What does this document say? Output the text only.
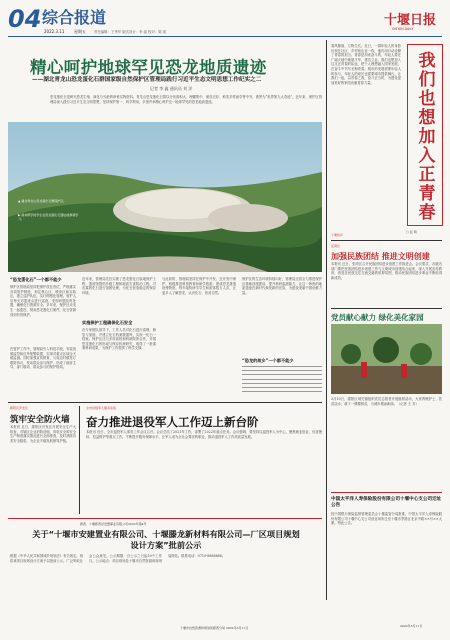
04 综合报道
2022.3.11 星期五 责任编辑：王秀华 版式设计：李 晶 校对：陈 欢
十堰日报
SHIYAN DAILY
精心呵护地球罕见恐龙地质遗迹
——湖北青龙山恐龙蛋化石群国家级自然保护区管理局践行习近平生态文明思想工作纪实之二
记者 李 鑫 通讯员 刘 洋
恐龙蛋化石是研究恐龙生殖、演化与灭绝的珍贵实物资料。青龙山恐龙蛋化石群以分布面积大、埋藏集中、保存完好、种类多样而享誉中外，被誉为“世界第九大奇迹”。近年来，保护区管理局深入践行习近平生态文明思想，坚持保护第一、科学利用，多措并举精心呵护这一地球罕见的恐龙地质遗迹。
▲ 湖北青龙山恐龙蛋化石群保护区。
▶ 前来研学的学生在恐龙蛋化石遗址前参观学习。
“恐龙蛋化石”一个都不能少
保护区管理局坚持把保护放在首位，严格落实各项管护制度，划定核心区、缓冲区和实验区，建立巡护队伍，实行网格化管理。管护人员每天对遗迹点进行巡查，发现问题及时处置，确保化石资源安全。多年来，保护区未发生一起盗挖、倒卖恐龙蛋化石案件，化石资源得到有效保护。
在管护工作中，管理局引入科技手段，安装视频监控和红外报警装置，实现对重点区域全天候监测。同时加强宣传教育，与周边村镇签订联防协议，发动群众参与保护，形成了政府主导、部门联动、群众参与的保护格局。
近年来，管理局先后实施了恐龙蛋化石原地保护工程、遗迹馆提档升级工程和地质灾害防治工程，对出露的化石进行加固处理，为化石营造稳定的保存环境。
实施保护工程确保化石安全
在专家团队指导下，工作人员对化石进行清理、修复与加固，并建立化石档案数据库，实现一化石一档案。保护区还与多所高校和科研院所合作，开展恐龙蛋化石的形成与保存机理研究，取得了一批重要科研成果，为保护工作提供了科学支撑。
与此同时，管理局坚持在保护中开发、在开发中保护，积极推进科普教育和研学旅游，建成恐龙蛋遗址博物馆，每年接待研学学生和游客数万人次，让更多人了解恐龙、认识化石、热爱自然。
保护区的生态环境持续向好，管理局还将全力推进保护区基础设施建设，提升科研监测能力，让这一珍贵的地质遗迹在新时代焕发新的光彩，为建设美丽中国贡献力量。
“恐龙的故乡”一个都不能少
春风拂面，万物生长。近日，一群年轻人的身影出现在社区、乡村和企业一线，他们用行动诠释了青春的担当。青春是用来奋斗的，年轻人要在广阔天地中施展才华、建功立业。我们也想加入这支正青春的队伍，把个人理想融入国家发展，在奋斗中书写无悔青春。城市的发展需要年轻人的参与，年轻人的成长也需要城市提供舞台。让我们一起，以青春之我，奋斗正当时，为建设更加美好的家园贡献青春力量。	我们也想加入正青春
□ 张 明
十堰热评
张湾区
加强民族团结 推进文明创建
本报讯 近日，张湾区召开民族团结进步创建工作推进会。会议要求，各级各部门要把民族团结进步创建工作与文明城市创建结合起来，深入开展宣传教育，营造各民族交往交流交融的浓厚氛围，推动民族团结进步事业不断取得新成效。
党员献心献力 绿化美化家园
3月10日，郧阳区城关镇组织党员志愿者开展植树活动，大家挥锹铲土、扶苗浇水，栽下一棵棵树苗，为城市增添新绿。（记者 王 芳）
郧阳区开发区
筑牢安全防火墙
本报讯 近日，郧阳区开发区开展安全生产大检查，对辖区企业消防设施、用电安全和安全生产制度落实情况进行全面排查，及时消除各类安全隐患，为企业平稳发展保驾护航。
全市县级军人服务系统
奋力推进退役军人工作迈上新台阶
本报讯 近日，全市退役军人事务工作会议召开。会议总结了2021年工作，部署了2022年重点任务。会议强调，要坚持以退役军人为中心，聚焦就业创业、优抚褒扬、权益维护等重点工作，不断提升服务保障水平，让军人成为全社会尊崇的职业，推动退役军人工作高质量发展。
郧西、十堰郧西县安置事业有限公司2022年第4号
关于“十堰市安建置业有限公司、十堰滕龙新材料有限公司—厂区项目规划设计方案”批前公示
根据《中华人民共和国城乡规划法》有关规定，现将该项目规划设计方案予以批前公示，广泛听取社会公众意见。公示期限：自公示之日起10个工作日。公示地点：项目现场及十堰市自然资源和规划局网站。联系电话：0719-8888888。
十堰市自然资源和规划局郧西分局 2022年3月11日
中国太平洋人寿保险股份有限公司十堰中心支公司迁址公告
经中国银行保险监督管理委员会十堰监管分局批准，中国太平洋人寿保险股份有限公司十堰中心支公司营业场所迁至十堰市茅箭区北京中路××号××大厦。特此公告。
2022年3月11日
